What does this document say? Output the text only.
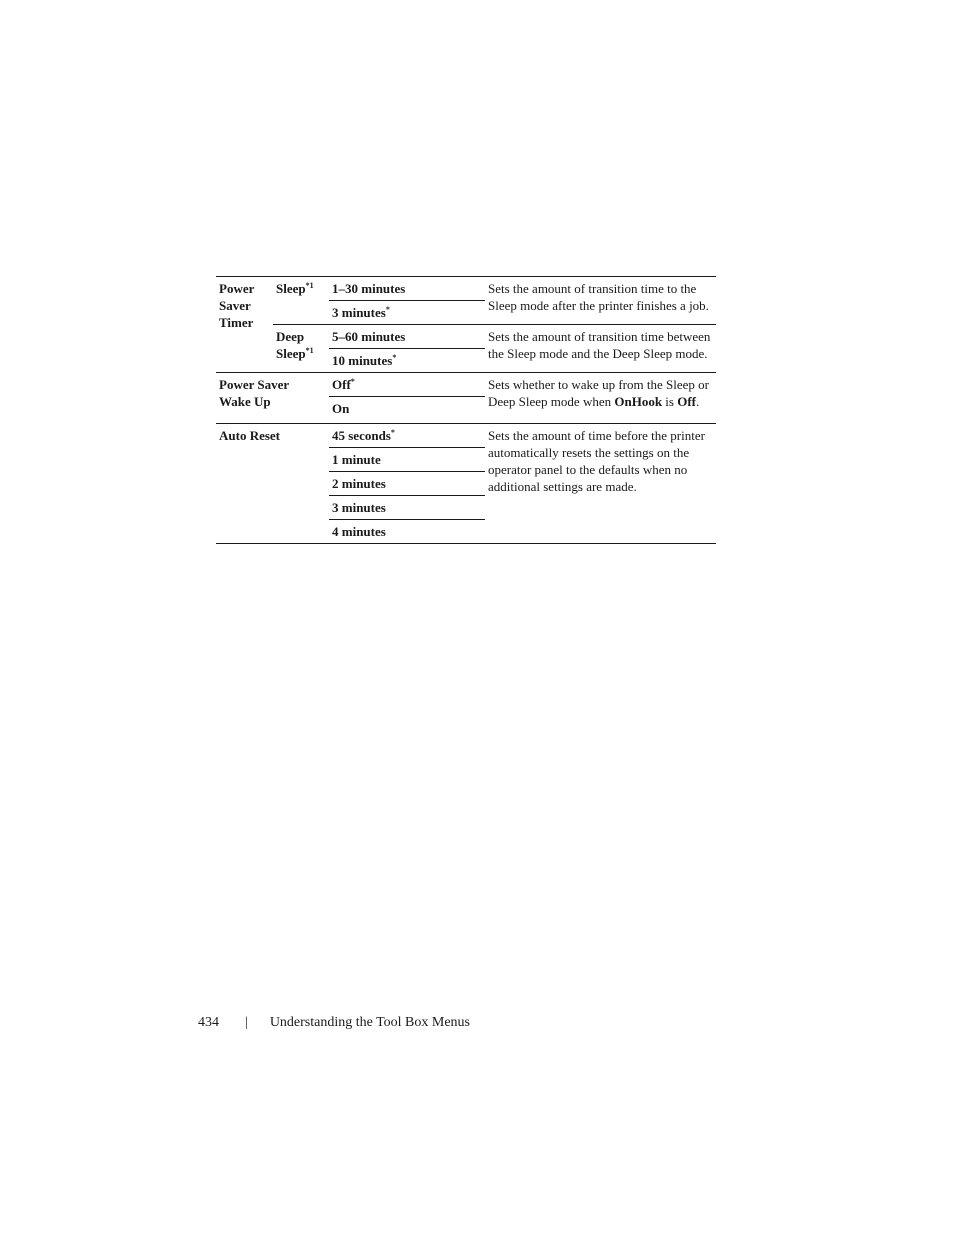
Power
Saver
Timer	Sleep$^{*1}$	1–30 minutes	Sets the amount of transition time to the Sleep mode after the printer finishes a job.
		3 minutes*
	Deep
Sleep$^{*1}$	5–60 minutes	Sets the amount of transition time between the Sleep mode and the Deep Sleep mode.
		10 minutes*
Power Saver
Wake Up		Off*	Sets whether to wake up from the Sleep or Deep Sleep mode when OnHook is Off.
		On	
Auto Reset		45 seconds*	Sets the amount of time before the printer automatically resets the settings on the operator panel to the defaults when no additional settings are made.
		1 minute	
		2 minutes	
		3 minutes	
		4 minutes	
434 | Understanding the Tool Box Menus
